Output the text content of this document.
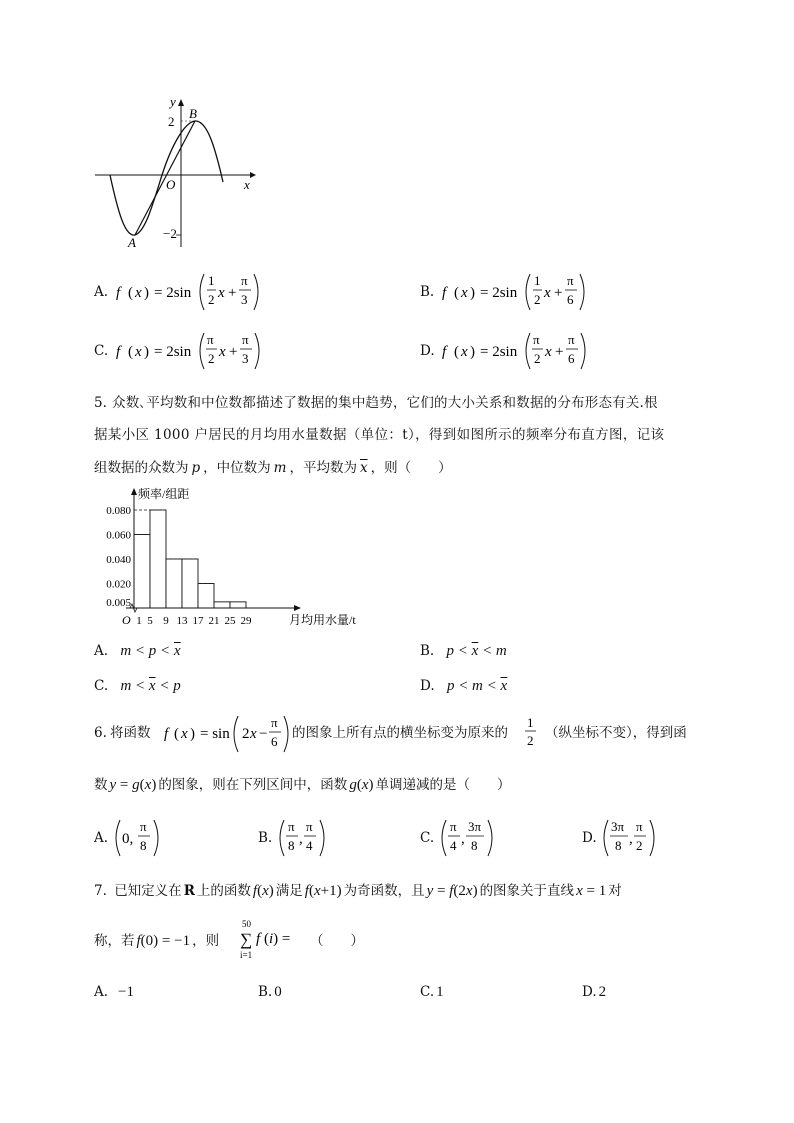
y
x
O
2
−2
A
B
A. f ( x ) = 2sin
1
2 x +
π
3	B. f ( x ) = 2sin
1
2 x +
π
6
C. f ( x ) = 2sin
π
2 x +
π
3	D. f ( x ) = 2sin
π
2 x +
π
6
5. 众数､平均数和中位数都描述了数据的集中趋势，它们的大小关系和数据的分布形态有关.根
据某小区 1000 户居民的月均用水量数据（单位：t），得到如图所示的频率分布直方图，记该
组数据的众数为 p ，中位数为 m ，平均数为 $\overline{x}$ ，则（　　）
0.080
0.060
0.040
0.020
0.005
1 5 9 13 17 21 25 29
O
频率/组距
月均用水量/t
A. $m < p < \overline{x}$	B. $p < \overline{x} < m$
C. $m < \overline{x} < p$	D. $p < m < \overline{x}$
6. 将函数 f ( x ) = sin 2 x −
π
6
的图象上所有点的横坐标变为原来的
1
2 （纵坐标不变），得到函
数 y = g(x) 的图象，则在下列区间中，函数 g(x) 单调递减的是（　　）
A. 0,
π
8	B.
π
8 ,
π
4	C.
π
4 ,
3π
8	D.
3π
8 ,
π
2
7. 已知定义在 R 上的函数 f(x) 满足 f(x+1) 为奇函数，且 y = f(2x) 的图象关于直线 x = 1 对
称，若 f(0) = −1 ，则
50
∑
i=1
f (i) = （　　）
A. −1	B. 0	C. 1	D. 2
